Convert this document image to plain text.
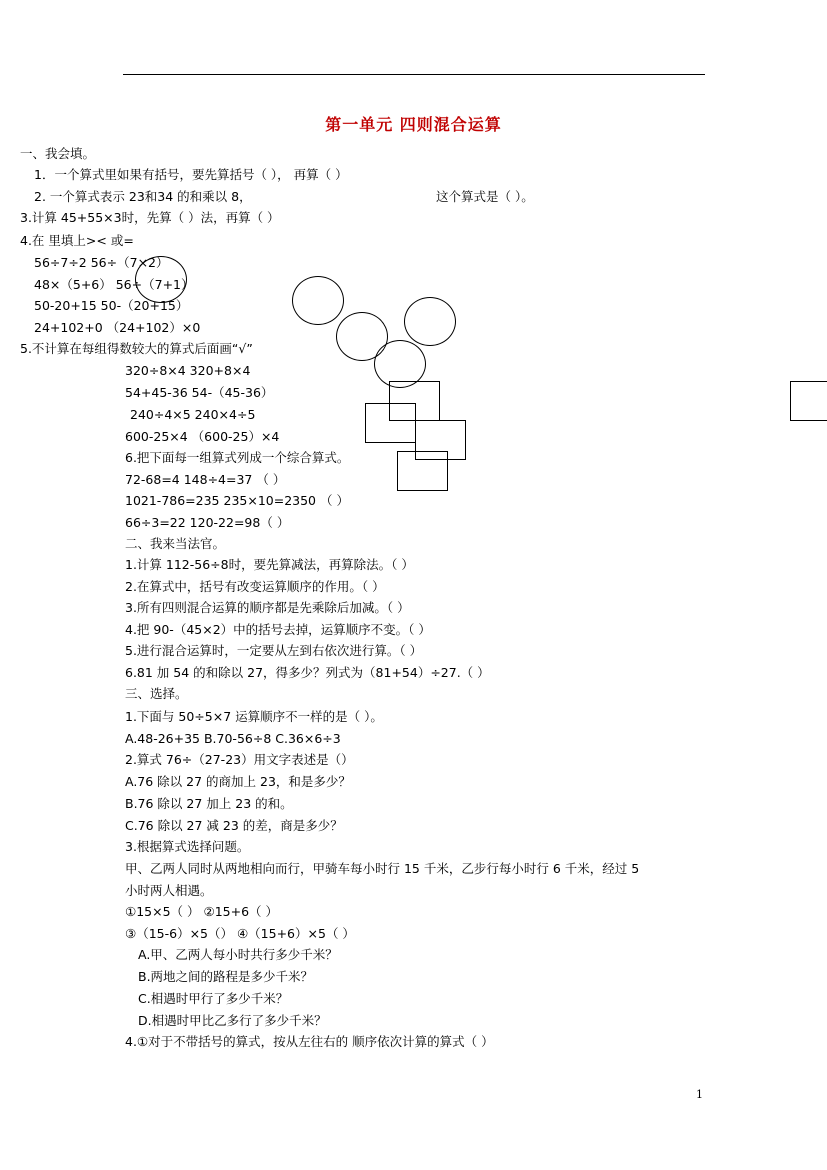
第一单元 四则混合运算
一、我会填。
1．一个算式里如果有括号，要先算括号（ ）， 再算（ ）
2. 一个算式表示 23和34 的和乘以 8，	这个算式是（ ）。
3.计算 45+55×3时，先算（ ）法，再算（ ）
4.在 里填上>< 或=
56÷7÷2 56÷（7×2）
48×（5+6） 56÷（7+1）
50-20+15 50-（20+15）
24+102+0 （24+102）×0
5.不计算在每组得数较大的算式后面画“√”
320÷8×4 320+8×4
54+45-36 54-（45-36）
240÷4×5 240×4÷5
600-25×4 （600-25）×4
6.把下面每一组算式列成一个综合算式。
72-68=4 148÷4=37 （ ）
1021-786=235 235×10=2350 （ ）
66÷3=22 120-22=98（ ）
二、我来当法官。
1.计算 112-56÷8时，要先算减法，再算除法。（ ）
2.在算式中，括号有改变运算顺序的作用。（ ）
3.所有四则混合运算的顺序都是先乘除后加减。（ ）
4.把 90-（45×2）中的括号去掉，运算顺序不变。（ ）
5.进行混合运算时，一定要从左到右依次进行算。（ ）
6.81 加 54 的和除以 27，得多少？列式为（81+54）÷27.（ ）
三、选择。
1.下面与 50÷5×7 运算顺序不一样的是（ ）。
A.48-26+35 B.70-56÷8 C.36×6÷3
2.算式 76÷（27-23）用文字表述是（）
A.76 除以 27 的商加上 23，和是多少？
B.76 除以 27 加上 23 的和。
C.76 除以 27 减 23 的差，商是多少？
3.根据算式选择问题。
甲、乙两人同时从两地相向而行，甲骑车每小时行 15 千米，乙步行每小时行 6 千米，经过 5
小时两人相遇。
①15×5（ ） ②15+6（ ）
③（15-6）×5（） ④（15+6）×5（ ）
A.甲、乙两人每小时共行多少千米？
B.两地之间的路程是多少千米？
C.相遇时甲行了多少千米？
D.相遇时甲比乙多行了多少千米？
4.①对于不带括号的算式，按从左往右的 顺序依次计算的算式（ ）
1
